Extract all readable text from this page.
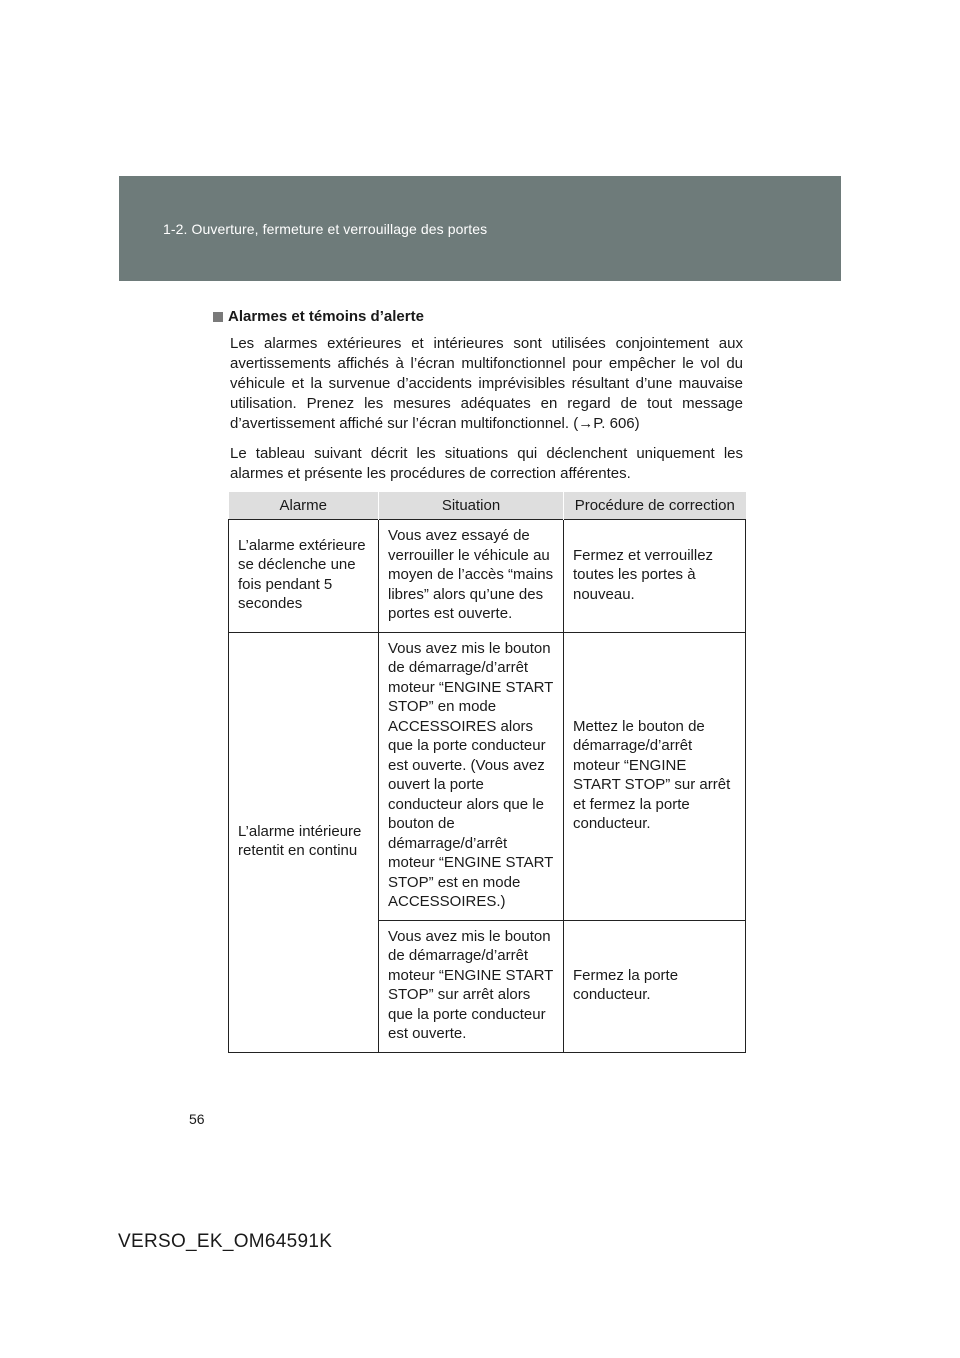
1-2. Ouverture, fermeture et verrouillage des portes
Alarmes et témoins d’alerte
Les alarmes extérieures et intérieures sont utilisées conjointement aux avertissements affichés à l’écran multifonctionnel pour empêcher le vol du véhicule et la survenue d’accidents imprévisibles résultant d’une mauvaise utilisation. Prenez les mesures adéquates en regard de tout message d’avertissement affiché sur l’écran multifonctionnel. (→P. 606)
Le tableau suivant décrit les situations qui déclenchent uniquement les alarmes et présente les procédures de correction afférentes.
Alarme	Situation	Procédure de correction
L’alarme extérieure se déclenche une fois pendant 5 secondes	Vous avez essayé de verrouiller le véhicule au moyen de l’accès “mains libres” alors qu’une des portes est ouverte.	Fermez et verrouillez toutes les portes à nouveau.
L’alarme intérieure retentit en continu	Vous avez mis le bouton de démarrage/d’arrêt moteur “ENGINE START STOP” en mode ACCESSOIRES alors que la porte conducteur est ouverte. (Vous avez ouvert la porte conducteur alors que le bouton de démarrage/d’arrêt moteur “ENGINE START STOP” est en mode ACCESSOIRES.)	Mettez le bouton de démarrage/d’arrêt moteur “ENGINE START STOP” sur arrêt et fermez la porte conducteur.
	Vous avez mis le bouton de démarrage/d’arrêt moteur “ENGINE START STOP” sur arrêt alors que la porte conducteur est ouverte.	Fermez la porte conducteur.
56
VERSO_EK_OM64591K
